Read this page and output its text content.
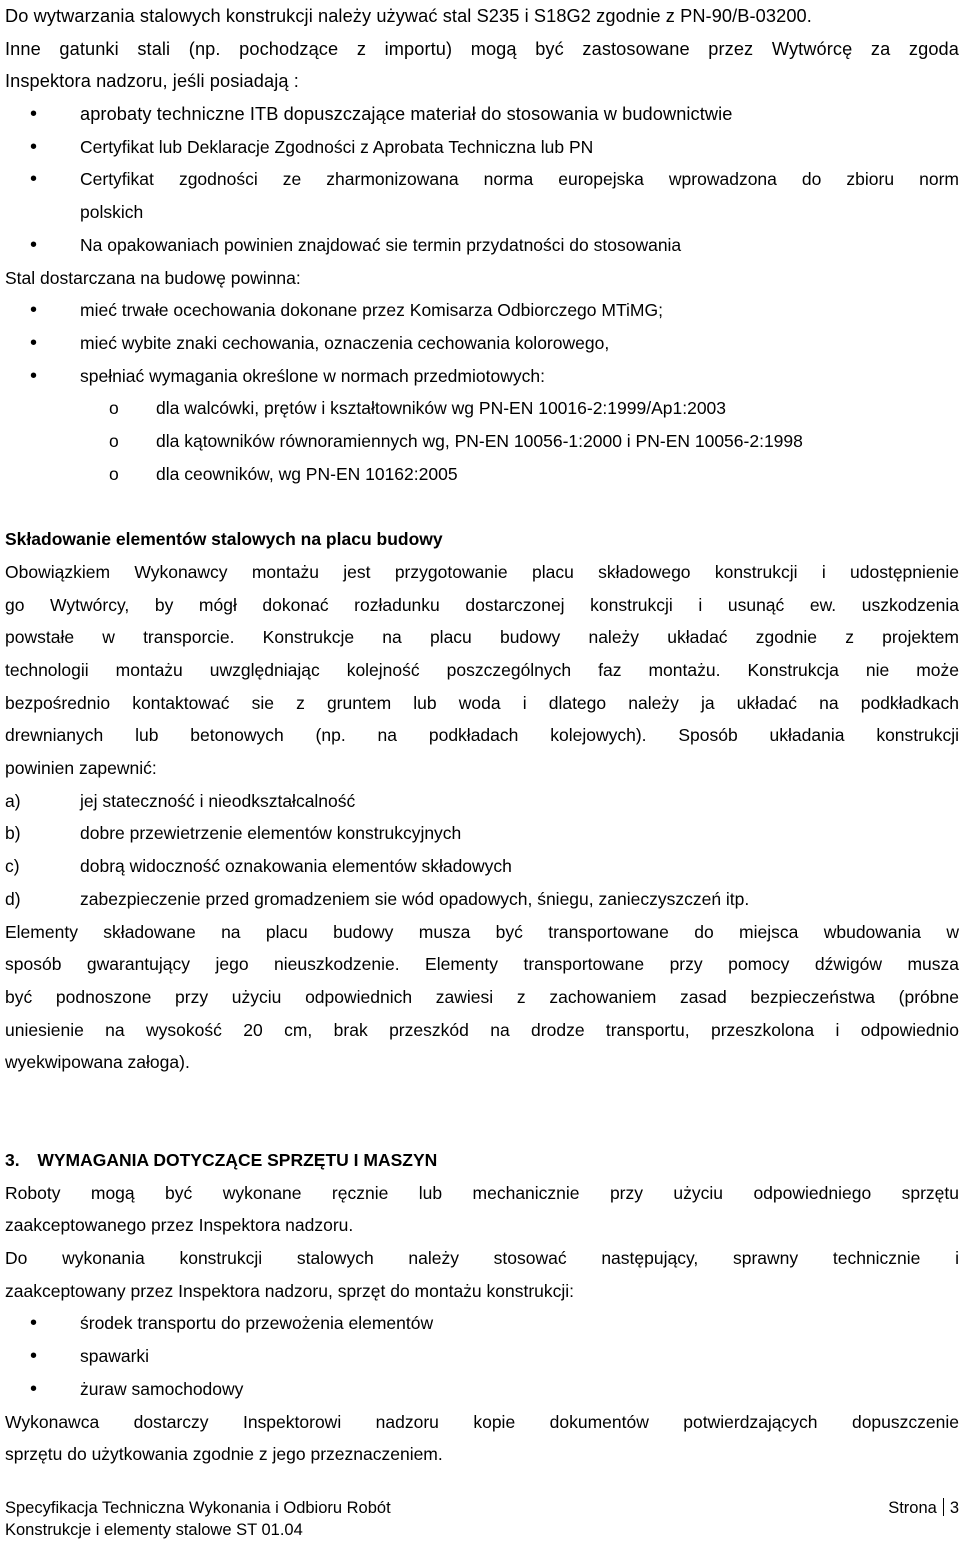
Do wytwarzania stalowych konstrukcji należy używać stal S235 i S18G2 zgodnie z PN-90/B-03200.
Inne gatunki stali (np. pochodzące z importu) mogą być zastosowane przez Wytwórcę za zgoda
Inspektora nadzoru, jeśli posiadają :
• aprobaty techniczne ITB dopuszczające materiał do stosowania w budownictwie
• Certyfikat lub Deklaracje Zgodności z Aprobata Techniczna lub PN
• Certyfikat zgodności ze zharmonizowana norma europejska wprowadzona do zbioru norm
polskich
• Na opakowaniach powinien znajdować sie termin przydatności do stosowania

Stal dostarczana na budowę powinna:

• mieć trwałe ocechowania dokonane przez Komisarza Odbiorczego MTiMG;
• mieć wybite znaki cechowania, oznaczenia cechowania kolorowego,
• spełniać wymagania określone w normach przedmiotowych:
o dla walcówki, prętów i kształtowników wg PN-EN 10016-2:1999/Ap1:2003
o dla kątowników równoramiennych wg, PN-EN 10056-1:2000 i PN-EN 10056-2:1998
o dla ceowników, wg PN-EN 10162:2005

Składowanie elementów stalowych na placu budowy

Obowiązkiem Wykonawcy montażu jest przygotowanie placu składowego konstrukcji i udostępnienie
go Wytwórcy, by mógł dokonać rozładunku dostarczonej konstrukcji i usunąć ew. uszkodzenia
powstałe w transporcie. Konstrukcje na placu budowy należy układać zgodnie z projektem
technologii montażu uwzględniając kolejność poszczególnych faz montażu. Konstrukcja nie może
bezpośrednio kontaktować sie z gruntem lub woda i dlatego należy ja układać na podkładkach
drewnianych lub betonowych (np. na podkładach kolejowych). Sposób układania konstrukcji
powinien zapewnić:
a)	jej stateczność i nieodkształcalność
b)	dobre przewietrzenie elementów konstrukcyjnych
c)	dobrą widoczność oznakowania elementów składowych
d)	zabezpieczenie przed gromadzeniem sie wód opadowych, śniegu, zanieczyszczeń itp.
Elementy składowane na placu budowy musza być transportowane do miejsca wbudowania w
sposób gwarantujący jego nieuszkodzenie. Elementy transportowane przy pomocy dźwigów musza
być podnoszone przy użyciu odpowiednich zawiesi z zachowaniem zasad bezpieczeństwa (próbne
uniesienie na wysokość 20 cm, brak przeszkód na drodze transportu, przeszkolona i odpowiednio
wyekwipowana załoga).

3. WYMAGANIA DOTYCZĄCE SPRZĘTU I MASZYN

Roboty mogą być wykonane ręcznie lub mechanicznie przy użyciu odpowiedniego sprzętu
zaakceptowanego przez Inspektora nadzoru.
Do wykonania konstrukcji stalowych należy stosować następujący, sprawny technicznie i
zaakceptowany przez Inspektora nadzoru, sprzęt do montażu konstrukcji:
• środek transportu do przewożenia elementów
• spawarki
• żuraw samochodowy
Wykonawca dostarczy Inspektorowi nadzoru kopie dokumentów potwierdzających dopuszczenie
sprzętu do użytkowania zgodnie z jego przeznaczeniem.
Specyfikacja Techniczna Wykonania i Odbioru Robót
Konstrukcje i elementy stalowe ST 01.04
Strona 3
